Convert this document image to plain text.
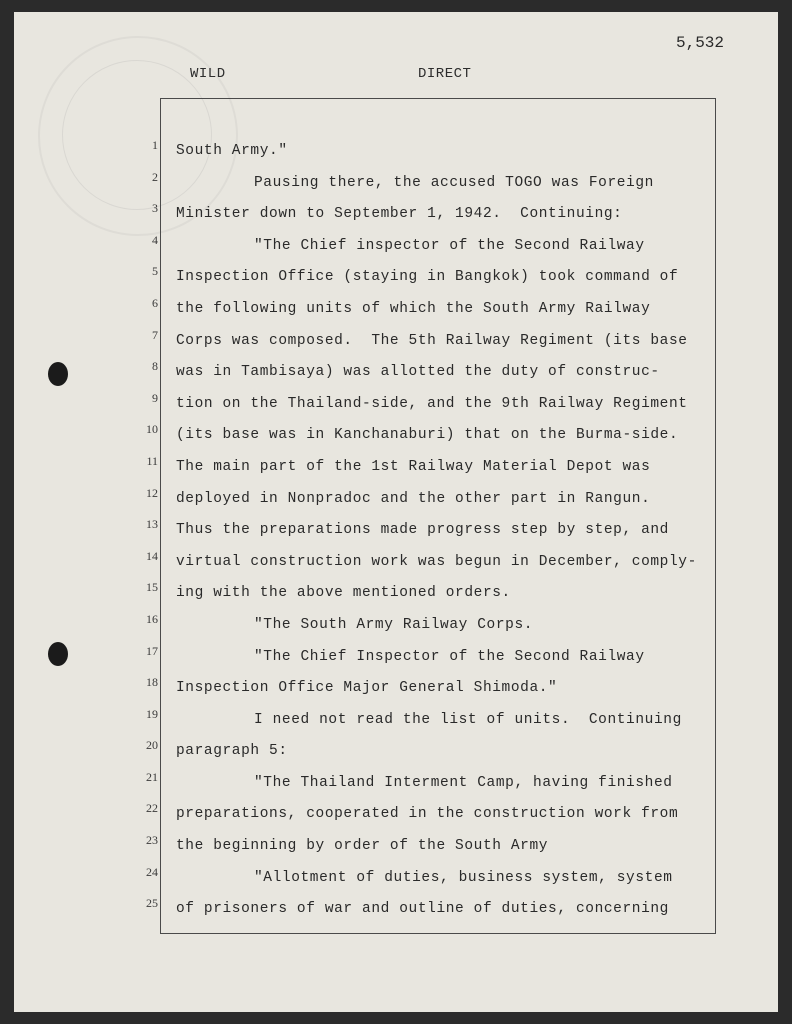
WILD	DIRECT
5,532
1
2
3
4
5
6
7
8
9
10
11
12
13
14
15
16
17
18
19
20
21
22
23
24
25
South Army."
Pausing there, the accused TOGO was Foreign
Minister down to September 1, 1942.  Continuing:
"The Chief inspector of the Second Railway
Inspection Office (staying in Bangkok) took command of
the following units of which the South Army Railway
Corps was composed.  The 5th Railway Regiment (its base
was in Tambisaya) was allotted the duty of construc-
tion on the Thailand-side, and the 9th Railway Regiment
(its base was in Kanchanaburi) that on the Burma-side.
The main part of the 1st Railway Material Depot was
deployed in Nonpradoc and the other part in Rangun.
Thus the preparations made progress step by step, and
virtual construction work was begun in December, comply-
ing with the above mentioned orders.
"The South Army Railway Corps.
"The Chief Inspector of the Second Railway
Inspection Office Major General Shimoda."
I need not read the list of units.  Continuing
paragraph 5:
"The Thailand Interment Camp, having finished
preparations, cooperated in the construction work from
the beginning by order of the South Army
"Allotment of duties, business system, system
of prisoners of war and outline of duties, concerning
